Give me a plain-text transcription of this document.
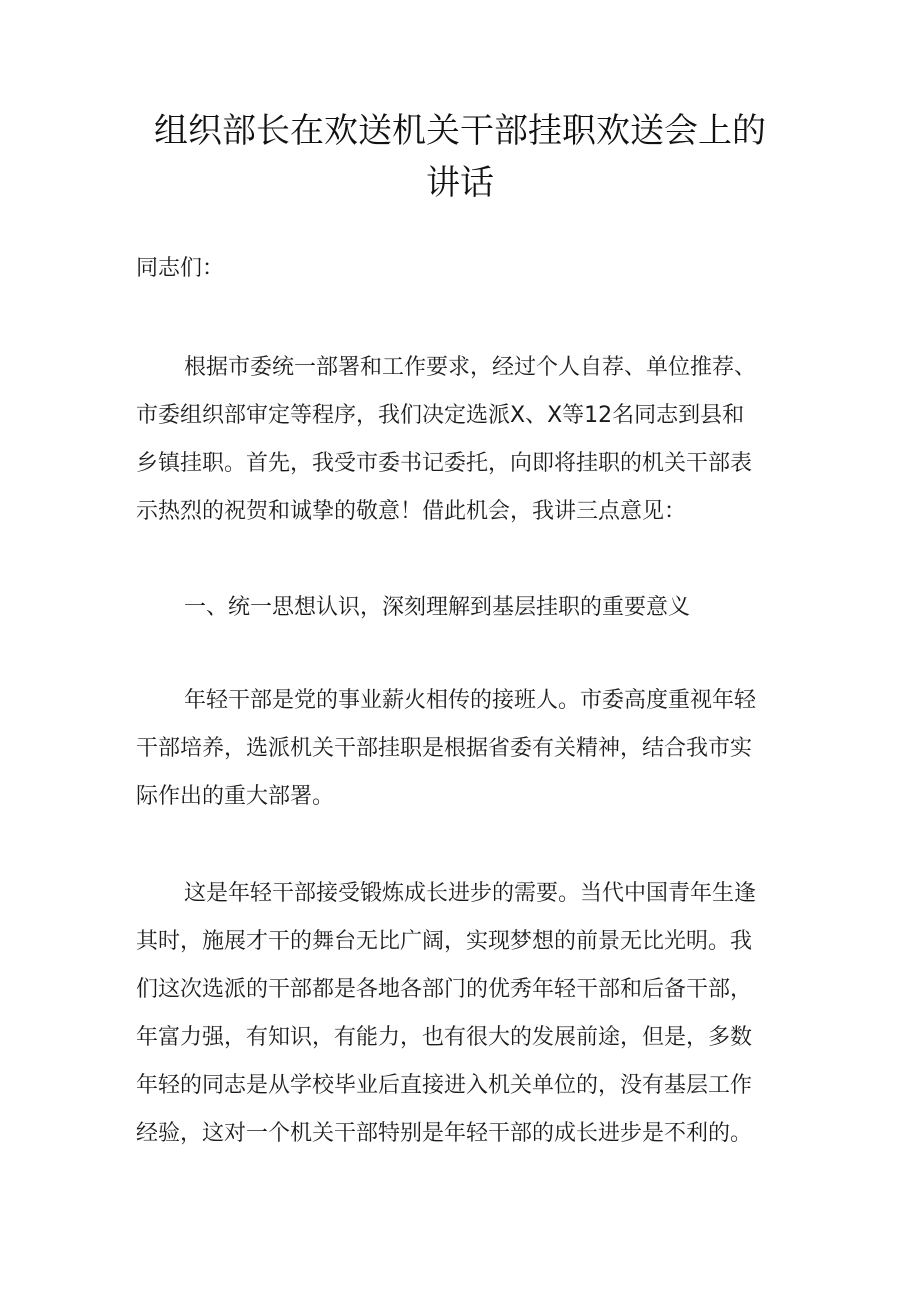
组织部长在欢送机关干部挂职欢送会上的
讲话

同志们：

根据市委统一部署和工作要求，经过个人自荐、单位推荐、

市委组织部审定等程序，我们决定选派X、X等12名同志到县和

乡镇挂职。首先，我受市委书记委托，向即将挂职的机关干部表

示热烈的祝贺和诚挚的敬意！借此机会，我讲三点意见：

一、统一思想认识，深刻理解到基层挂职的重要意义

年轻干部是党的事业薪火相传的接班人。市委高度重视年轻

干部培养，选派机关干部挂职是根据省委有关精神，结合我市实

际作出的重大部署。

这是年轻干部接受锻炼成长进步的需要。当代中国青年生逢

其时，施展才干的舞台无比广阔，实现梦想的前景无比光明。我

们这次选派的干部都是各地各部门的优秀年轻干部和后备干部，

年富力强，有知识，有能力，也有很大的发展前途，但是，多数

年轻的同志是从学校毕业后直接进入机关单位的，没有基层工作

经验，这对一个机关干部特别是年轻干部的成长进步是不利的。
